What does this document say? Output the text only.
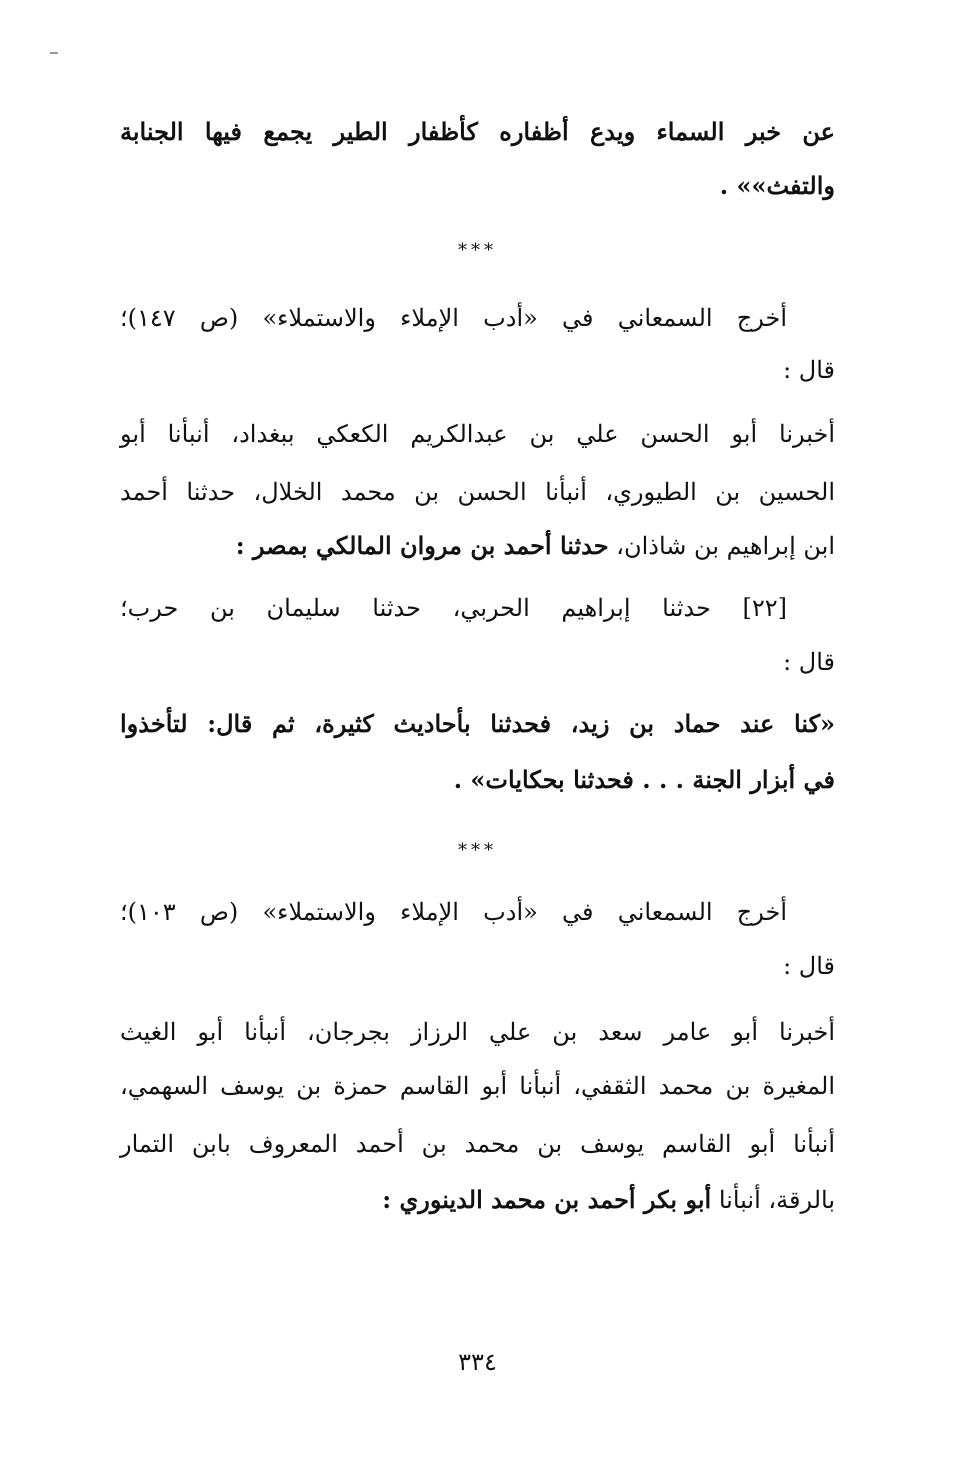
عن خبر السماء ويدع أظفاره كأظفار الطير يجمع فيها الجنابة
والتفث»» .
***
أخرج السمعاني في «أدب الإملاء والاستملاء» (ص ١٤٧)؛
قال :
أخبرنا أبو الحسن علي بن عبدالكريم الكعكي ببغداد، أنبأنا أبو
الحسين بن الطيوري، أنبأنا الحسن بن محمد الخلال، حدثنا أحمد
ابن إبراهيم بن شاذان، حدثنا أحمد بن مروان المالكي بمصر :
[٢٢] حدثنا إبراهيم الحربي، حدثنا سليمان بن حرب؛
قال :
«كنا عند حماد بن زيد، فحدثنا بأحاديث كثيرة، ثم قال: لتأخذوا
في أبزار الجنة . . . فحدثنا بحكايات» .
***
أخرج السمعاني في «أدب الإملاء والاستملاء» (ص ١٠٣)؛
قال :
أخبرنا أبو عامر سعد بن علي الرزاز بجرجان، أنبأنا أبو الغيث
المغيرة بن محمد الثقفي، أنبأنا أبو القاسم حمزة بن يوسف السهمي،
أنبأنا أبو القاسم يوسف بن محمد بن أحمد المعروف بابن التمار
بالرقة، أنبأنا أبو بكر أحمد بن محمد الدينوري :
٣٣٤
